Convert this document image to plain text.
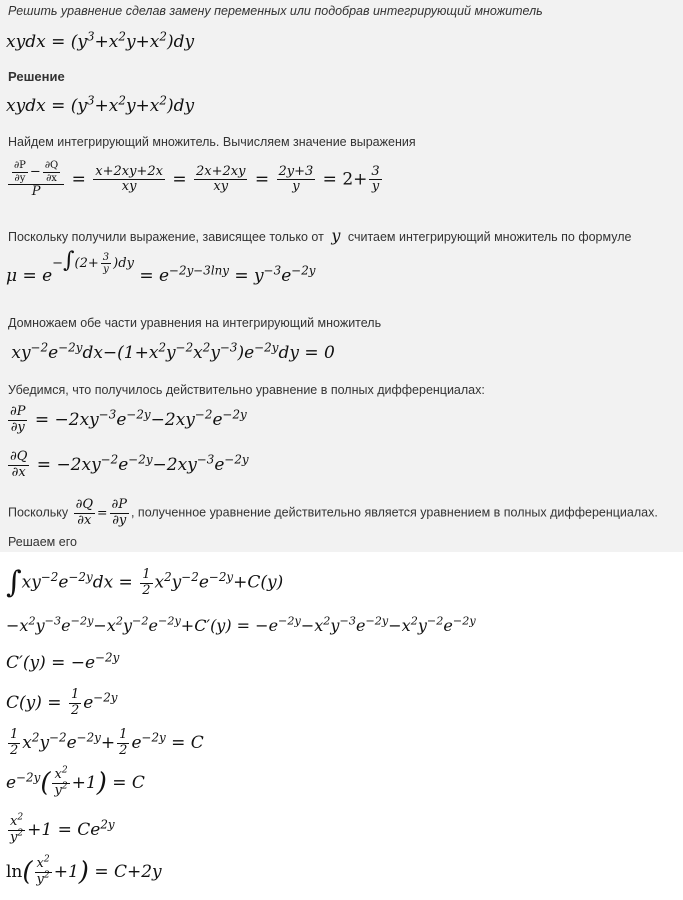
Решить уравнение сделав замену переменных или подобрав интегрирующий множитель
xydx = $(y^3+x^2y+x^2)dy$
Решение
xydx = $(y^3+x^2y+x^2)dy$
Найдем интегрирующий множитель. Вычисляем значение выражения
$\frac{\frac{\partial P}{\partial y} - \frac{\partial Q}{\partial x}}{P} = \frac{x+2xy+2x}{xy} = \frac{2x+2xy}{xy} = \frac{2y+3}{y} = 2+ \frac{3}{y}$
Поскольку получили выражение, зависящее только от y считаем интегрирующий множитель по формуле
$\mu = e^{-\int(2+ \frac{3}{y} )dy} = e^{-2y-3lny} = y^{-3}e^{-2y}$
Домножаем обе части уравнения на интегрирующий множитель
$xy^{-2}e^{-2y}dx-(1+x^2y^{-2}x^2y^{-3})e^{-2y}dy = 0$
Убедимся, что получилось действительно уравнение в полных дифференциалах:
$\frac{\partial P}{\partial y} = -2xy^{-3}e^{-2y}-2xy^{-2}e^{-2y}$
$\frac{\partial Q}{\partial x} = -2xy^{-2}e^{-2y}-2xy^{-3}e^{-2y}$
Поскольку $\frac{\partial Q}{\partial x} = \frac{\partial P}{\partial y}$ , полученное уравнение действительно является уравнением в полных дифференциалах.
Решаем его
$\int xy^{-2}e^{-2y}dx = \frac{1}{2} x^2y^{-2}e^{-2y}+C(y)$
$-x^2y^{-3}e^{-2y}-x^2y^{-2}e^{-2y}+C'(y) = -e^{-2y}-x^2y^{-3}e^{-2y}-x^2y^{-2}e^{-2y}$
$C'(y) = -e^{-2y}$
$C(y) = \frac{1}{2} e^{-2y}$
$\frac{1}{2} x^2y^{-2}e^{-2y}+ \frac{1}{2} e^{-2y} = C$
$e^{-2y}( \frac{x^2}{y^2} +1) = C$
$\frac{x^2}{y^2} +1 = Ce^{2y}$
$\ln( \frac{x^2}{y^2} +1) = C+2y$
